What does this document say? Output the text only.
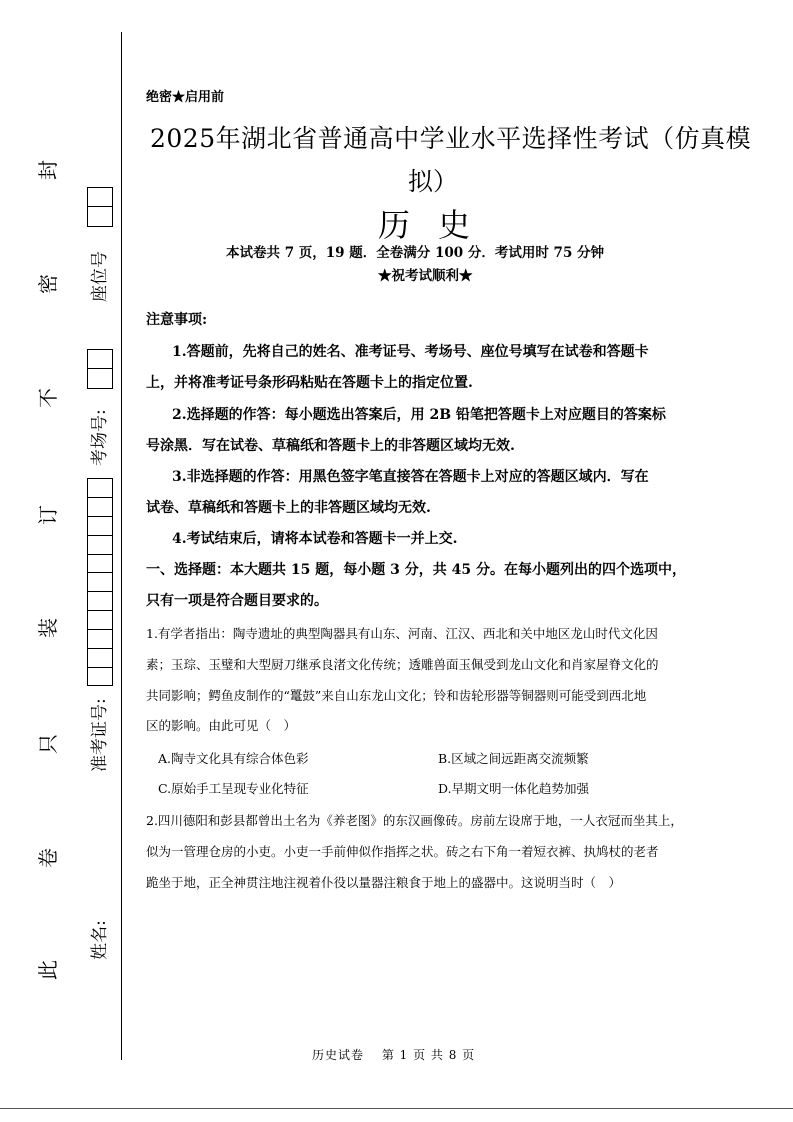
封
密
不
订
装
只
卷
此
座位号
考场号:
准考证号:
姓名:
绝密★启用前
2025年湖北省普通高中学业水平选择性考试（仿真模
拟）
历史
本试卷共 7 页，19 题．全卷满分 100 分．考试用时 75 分钟
★祝考试顺利★
注意事项:
1.答题前，先将自己的姓名、准考证号、考场号、座位号填写在试卷和答题卡
上，并将准考证号条形码粘贴在答题卡上的指定位置.
2.选择题的作答：每小题选出答案后，用 2B 铅笔把答题卡上对应题目的答案标
号涂黑．写在试卷、草稿纸和答题卡上的非答题区域均无效.
3.非选择题的作答：用黑色签字笔直接答在答题卡上对应的答题区域内．写在
试卷、草稿纸和答题卡上的非答题区域均无效.
4.考试结束后，请将本试卷和答题卡一并上交.
一、选择题：本大题共 15 题，每小题 3 分，共 45 分。在每小题列出的四个选项中，
只有一项是符合题目要求的。
1.有学者指出：陶寺遗址的典型陶器具有山东、河南、江汉、西北和关中地区龙山时代文化因
素；玉琮、玉璧和大型厨刀继承良渚文化传统；透雕兽面玉佩受到龙山文化和肖家屋脊文化的
共同影响；鳄鱼皮制作的“鼍鼓”来自山东龙山文化；铃和齿轮形器等铜器则可能受到西北地
区的影响。由此可见（　）
A.陶寺文化具有综合体色彩	B.区域之间远距离交流频繁
C.原始手工呈现专业化特征	D.早期文明一体化趋势加强
2.四川德阳和彭县都曾出土名为《养老图》的东汉画像砖。房前左设席于地，一人衣冠而坐其上，
似为一管理仓房的小吏。小吏一手前伸似作指挥之状。砖之右下角一着短衣裤、执鸠杖的老者
跪坐于地，正全神贯注地注视着仆役以量器注粮食于地上的盛器中。这说明当时（　）
历史试卷　 第 1 页 共 8 页
